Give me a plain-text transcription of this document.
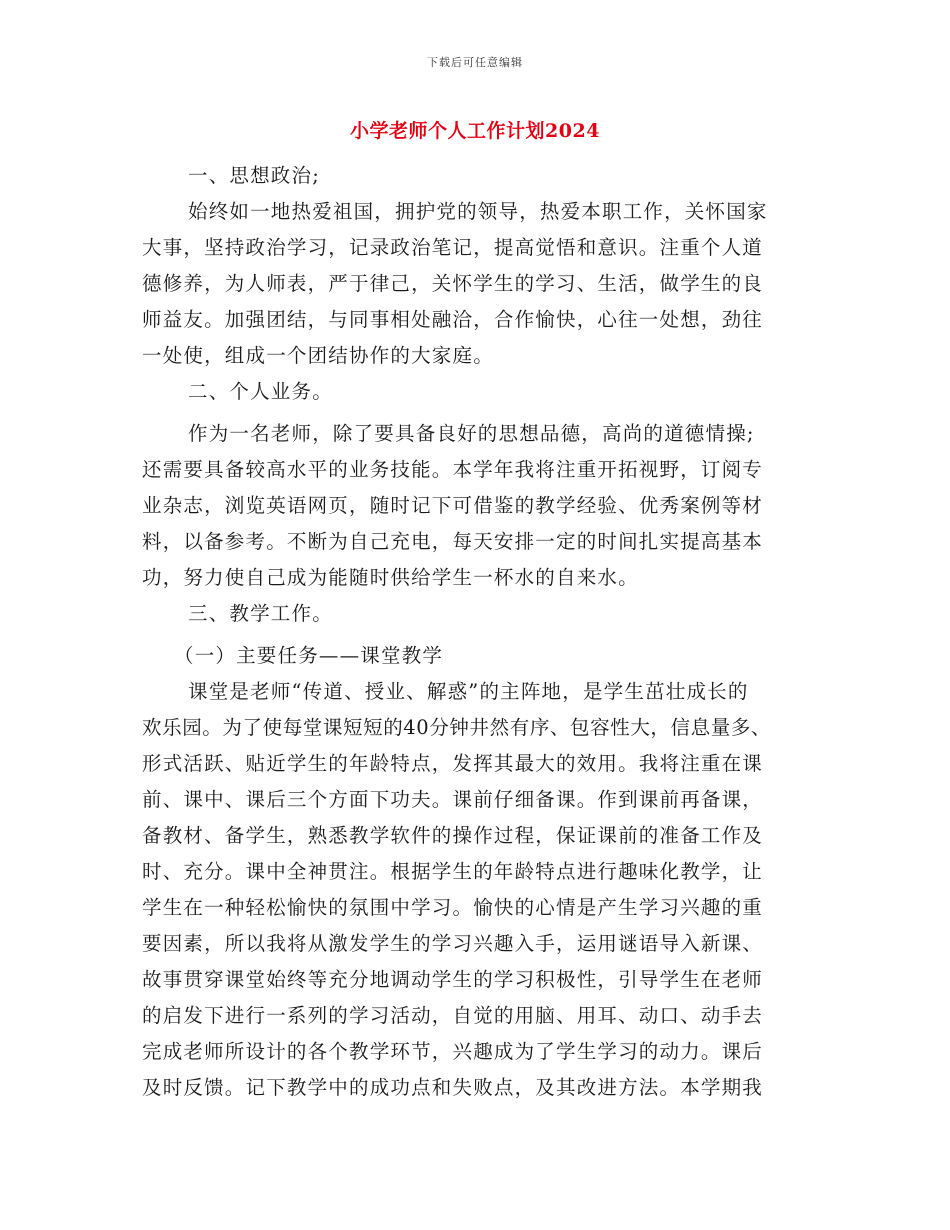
下载后可任意编辑
小学老师个人工作计划2024
一、思想政治;
始终如一地热爱祖国，拥护党的领导，热爱本职工作，关怀国家
大事，坚持政治学习，记录政治笔记，提高觉悟和意识。注重个人道
德修养，为人师表，严于律己，关怀学生的学习、生活，做学生的良
师益友。加强团结，与同事相处融洽，合作愉快，心往一处想，劲往
一处使，组成一个团结协作的大家庭。
二、个人业务。
作为一名老师，除了要具备良好的思想品德，高尚的道德情操;
还需要具备较高水平的业务技能。本学年我将注重开拓视野，订阅专
业杂志，浏览英语网页，随时记下可借鉴的教学经验、优秀案例等材
料，以备参考。不断为自己充电，每天安排一定的时间扎实提高基本
功，努力使自己成为能随时供给学生一杯水的自来水。
三、教学工作。
（一）主要任务——课堂教学
课堂是老师“传道、授业、解惑”的主阵地，是学生茁壮成长的
欢乐园。为了使每堂课短短的40分钟井然有序、包容性大，信息量多、
形式活跃、贴近学生的年龄特点，发挥其最大的效用。我将注重在课
前、课中、课后三个方面下功夫。课前仔细备课。作到课前再备课，
备教材、备学生，熟悉教学软件的操作过程，保证课前的准备工作及
时、充分。课中全神贯注。根据学生的年龄特点进行趣味化教学，让
学生在一种轻松愉快的氛围中学习。愉快的心情是产生学习兴趣的重
要因素，所以我将从激发学生的学习兴趣入手，运用谜语导入新课、
故事贯穿课堂始终等充分地调动学生的学习积极性，引导学生在老师
的启发下进行一系列的学习活动，自觉的用脑、用耳、动口、动手去
完成老师所设计的各个教学环节，兴趣成为了学生学习的动力。课后
及时反馈。记下教学中的成功点和失败点，及其改进方法。本学期我
